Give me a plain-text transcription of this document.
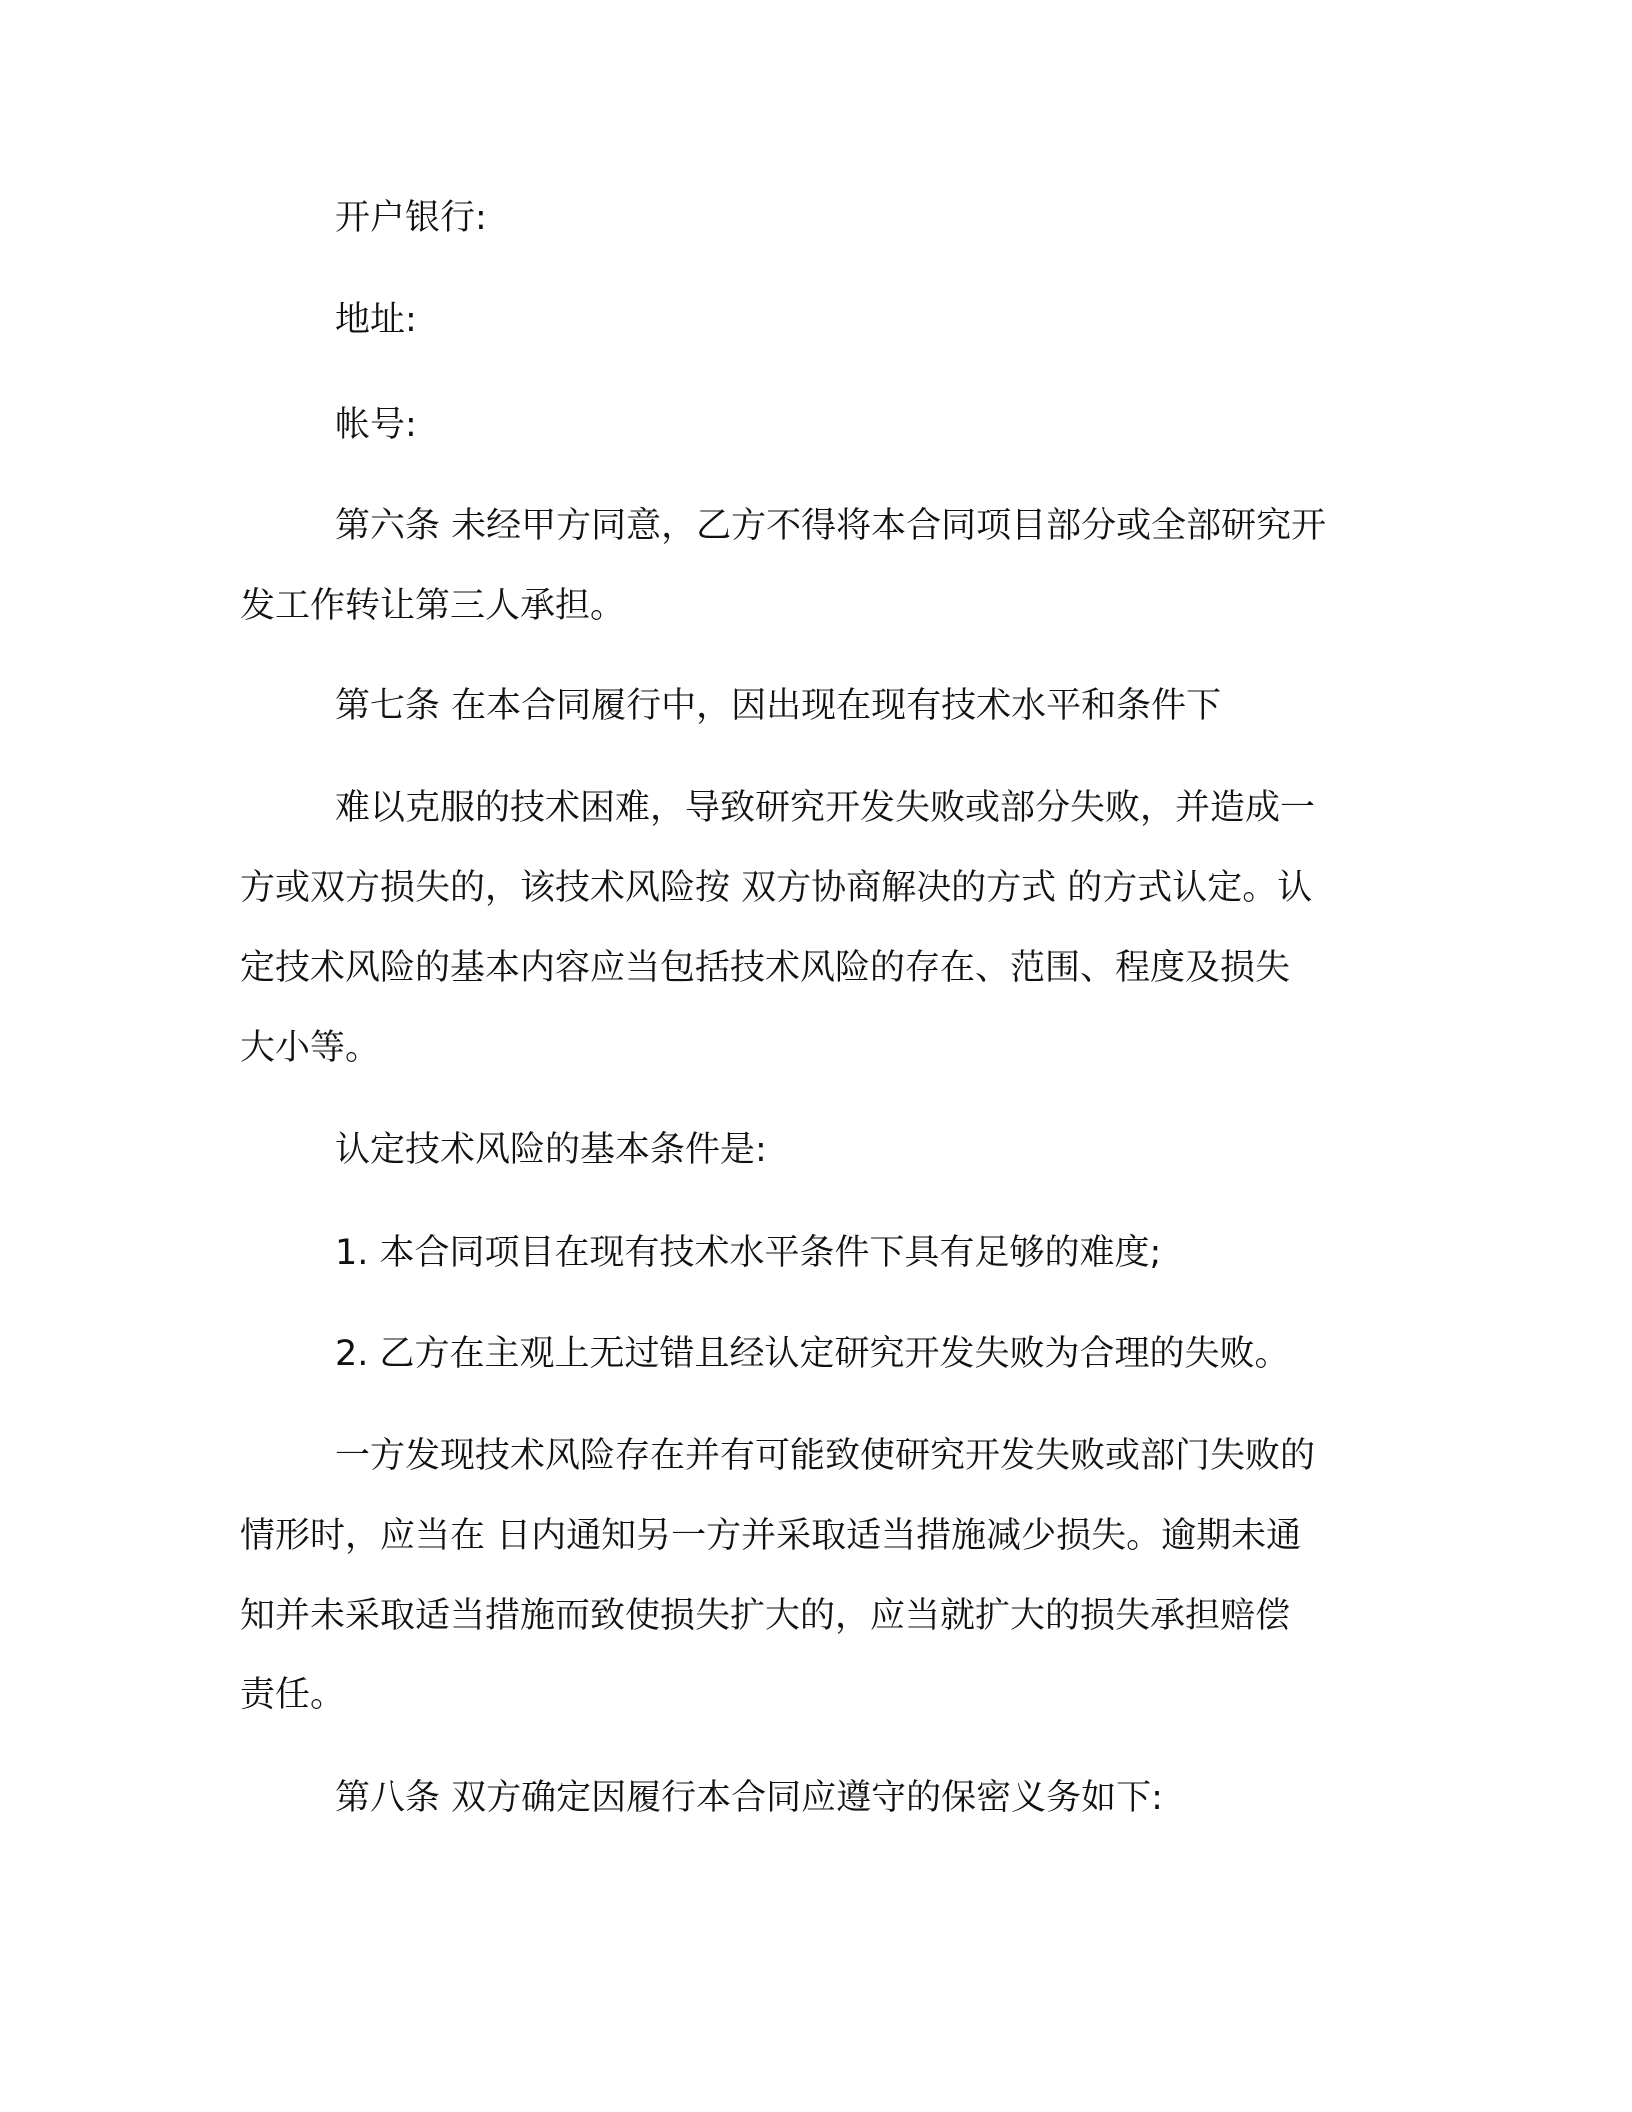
开户银行:

地址:

帐号:

第六条 未经甲方同意，乙方不得将本合同项目部分或全部研究开

发工作转让第三人承担。

第七条 在本合同履行中，因出现在现有技术水平和条件下

难以克服的技术困难，导致研究开发失败或部分失败，并造成一

方或双方损失的，该技术风险按 双方协商解决的方式 的方式认定。认

定技术风险的基本内容应当包括技术风险的存在、范围、程度及损失

大小等。

认定技术风险的基本条件是:

1. 本合同项目在现有技术水平条件下具有足够的难度;

2. 乙方在主观上无过错且经认定研究开发失败为合理的失败。

一方发现技术风险存在并有可能致使研究开发失败或部门失败的

情形时，应当在 日内通知另一方并采取适当措施减少损失。逾期未通

知并未采取适当措施而致使损失扩大的，应当就扩大的损失承担赔偿

责任。

第八条 双方确定因履行本合同应遵守的保密义务如下:
